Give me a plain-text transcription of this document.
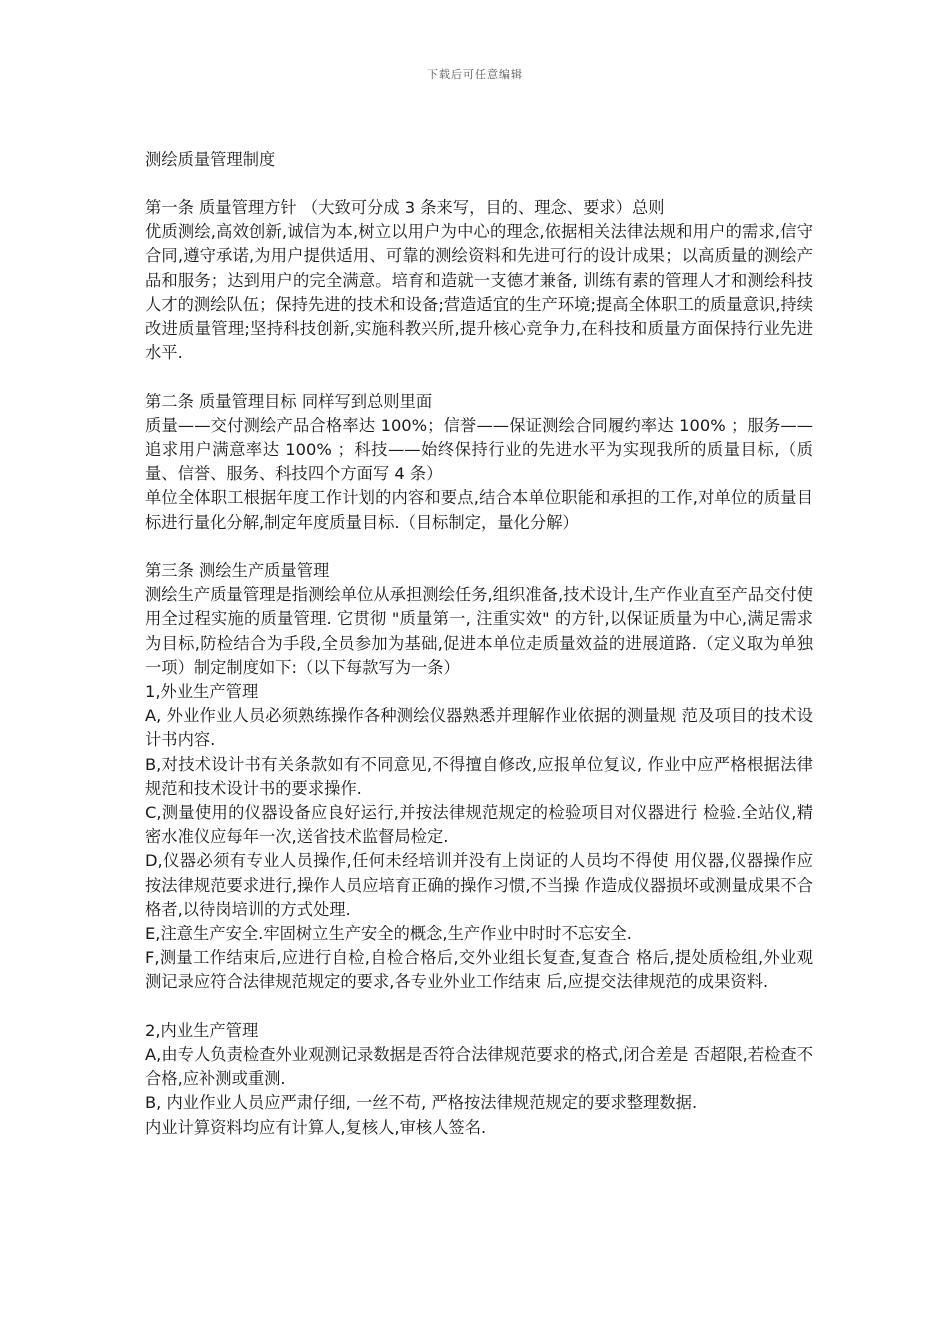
下载后可任意编辑
测绘质量管理制度
第一条 质量管理方针 （大致可分成 3 条来写，目的、理念、要求）总则

优质测绘,高效创新,诚信为本,树立以用户为中心的理念,依据相关法律法规和用户的需求,信守合同,遵守承诺,为用户提供适用、可靠的测绘资料和先进可行的设计成果；以高质量的测绘产品和服务；达到用户的完全满意。培育和造就一支德才兼备, 训练有素的管理人才和测绘科技人才的测绘队伍；保持先进的技术和设备;营造适宜的生产环境;提高全体职工的质量意识,持续改进质量管理;坚持科技创新,实施科教兴所,提升核心竞争力,在科技和质量方面保持行业先进水平.

第二条 质量管理目标 同样写到总则里面

质量——交付测绘产品合格率达 100%；信誉——保证测绘合同履约率达 100% ；服务——追求用户满意率达 100% ；科技——始终保持行业的先进水平为实现我所的质量目标,（质量、信誉、服务、科技四个方面写 4 条）

单位全体职工根据年度工作计划的内容和要点,结合本单位职能和承担的工作,对单位的质量目标进行量化分解,制定年度质量目标.（目标制定，量化分解）

第三条 测绘生产质量管理

测绘生产质量管理是指测绘单位从承担测绘任务,组织准备,技术设计,生产作业直至产品交付使用全过程实施的质量管理. 它贯彻 "质量第一, 注重实效" 的方针,以保证质量为中心,满足需求为目标,防检结合为手段,全员参加为基础,促进本单位走质量效益的进展道路.（定义取为单独一项）制定制度如下:（以下每款写为一条）

1,外业生产管理

A, 外业作业人员必须熟练操作各种测绘仪器熟悉并理解作业依据的测量规 范及项目的技术设计书内容.

B,对技术设计书有关条款如有不同意见,不得擅自修改,应报单位复议, 作业中应严格根据法律规范和技术设计书的要求操作.

C,测量使用的仪器设备应良好运行,并按法律规范规定的检验项目对仪器进行 检验.全站仪,精密水准仪应每年一次,送省技术监督局检定.

D,仪器必须有专业人员操作,任何未经培训并没有上岗证的人员均不得使 用仪器,仪器操作应按法律规范要求进行,操作人员应培育正确的操作习惯,不当操 作造成仪器损坏或测量成果不合格者,以待岗培训的方式处理.

E,注意生产安全.牢固树立生产安全的概念,生产作业中时时不忘安全.

F,测量工作结束后,应进行自检,自检合格后,交外业组长复查,复查合 格后,提处质检组,外业观测记录应符合法律规范规定的要求,各专业外业工作结束 后,应提交法律规范的成果资料.

2,内业生产管理

A,由专人负责检查外业观测记录数据是否符合法律规范要求的格式,闭合差是 否超限,若检查不合格,应补测或重测.

B, 内业作业人员应严肃仔细, 一丝不苟, 严格按法律规范规定的要求整理数据.

内业计算资料均应有计算人,复核人,审核人签名.
